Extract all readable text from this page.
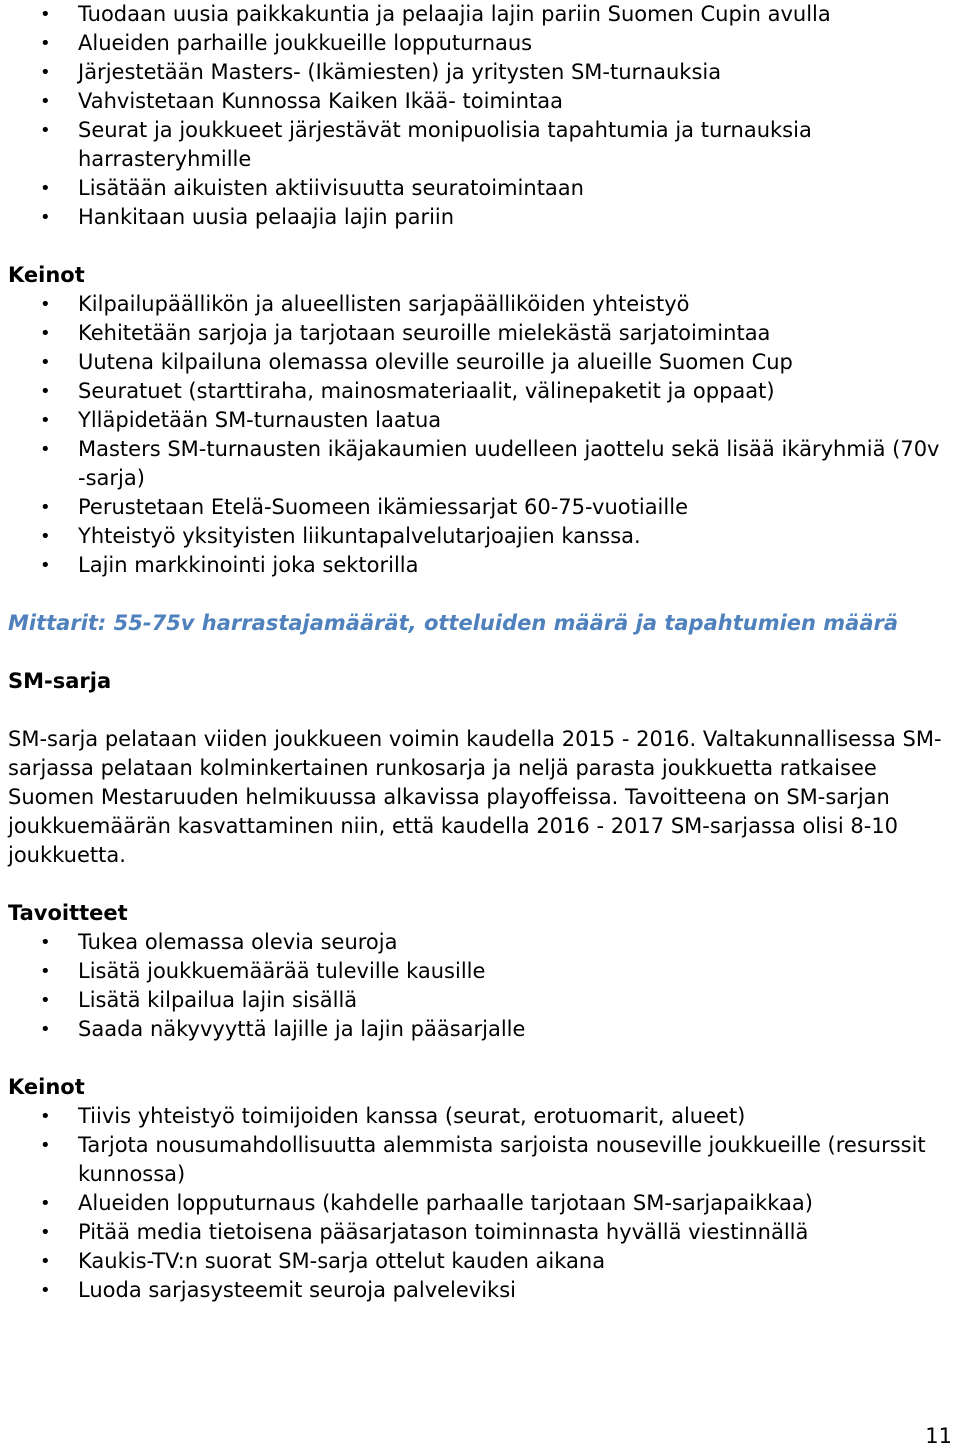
• Tuodaan uusia paikkakuntia ja pelaajia lajin pariin Suomen Cupin avulla
• Alueiden parhaille joukkueille lopputurnaus
• Järjestetään Masters- (Ikämiesten) ja yritysten SM-turnauksia
• Vahvistetaan Kunnossa Kaiken Ikää- toimintaa
• Seurat ja joukkueet järjestävät monipuolisia tapahtumia ja turnauksia harrasteryhmille
• Lisätään aikuisten aktiivisuutta seuratoimintaan
• Hankitaan uusia pelaajia lajin pariin

Keinot

• Kilpailupäällikön ja alueellisten sarjapäälliköiden yhteistyö
• Kehitetään sarjoja ja tarjotaan seuroille mielekästä sarjatoimintaa
• Uutena kilpailuna olemassa oleville seuroille ja alueille Suomen Cup
• Seuratuet (starttiraha, mainosmateriaalit, välinepaketit ja oppaat)
• Ylläpidetään SM-turnausten laatua
• Masters SM-turnausten ikäjakaumien uudelleen jaottelu sekä lisää ikäryhmiä (70v -sarja)
• Perustetaan Etelä-Suomeen ikämiessarjat 60-75-vuotiaille
• Yhteistyö yksityisten liikuntapalvelutarjoajien kanssa.
• Lajin markkinointi joka sektorilla

Mittarit: 55-75v harrastajamäärät, otteluiden määrä ja tapahtumien määrä

SM-sarja

SM-sarja pelataan viiden joukkueen voimin kaudella 2015 - 2016. Valtakunnallisessa SM-sarjassa pelataan kolminkertainen runkosarja ja neljä parasta joukkuetta ratkaisee Suomen Mestaruuden helmikuussa alkavissa playoffeissa. Tavoitteena on SM-sarjan joukkuemäärän kasvattaminen niin, että kaudella 2016 - 2017 SM-sarjassa olisi 8-10 joukkuetta.

Tavoitteet

• Tukea olemassa olevia seuroja
• Lisätä joukkuemäärää tuleville kausille
• Lisätä kilpailua lajin sisällä
• Saada näkyvyyttä lajille ja lajin pääsarjalle

Keinot

• Tiivis yhteistyö toimijoiden kanssa (seurat, erotuomarit, alueet)
• Tarjota nousumahdollisuutta alemmista sarjoista nouseville joukkueille (resurssit kunnossa)
• Alueiden lopputurnaus (kahdelle parhaalle tarjotaan SM-sarjapaikkaa)
• Pitää media tietoisena pääsarjatason toiminnasta hyvällä viestinnällä
• Kaukis-TV:n suorat SM-sarja ottelut kauden aikana
• Luoda sarjasysteemit seuroja palveleviksi
11
